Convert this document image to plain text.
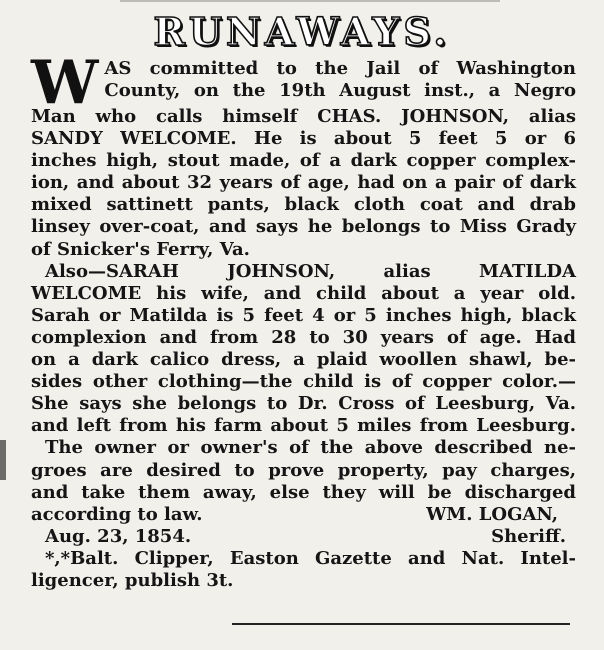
RUNAWAYS.
W AS committed to the Jail of Washington
County, on the 19th August inst., a Negro
Man who calls himself CHAS. JOHNSON, alias
SANDY WELCOME. He is about 5 feet 5 or 6
inches high, stout made, of a dark copper complex-
ion, and about 32 years of age, had on a pair of dark
mixed sattinett pants, black cloth coat and drab
linsey over-coat, and says he belongs to Miss Grady
of Snicker's Ferry, Va.
Also—SARAH JOHNSON, alias MATILDA
WELCOME his wife, and child about a year old.
Sarah or Matilda is 5 feet 4 or 5 inches high, black
complexion and from 28 to 30 years of age. Had
on a dark calico dress, a plaid woollen shawl, be-
sides other clothing—the child is of copper color.—
She says she belongs to Dr. Cross of Leesburg, Va.
and left from his farm about 5 miles from Leesburg.
The owner or owner's of the above described ne-
groes are desired to prove property, pay charges,
and take them away, else they will be discharged
according to law.	WM. LOGAN,
Aug. 23, 1854.	Sheriff.
*,*Balt. Clipper, Easton Gazette and Nat. Intel-
ligencer, publish 3t.
